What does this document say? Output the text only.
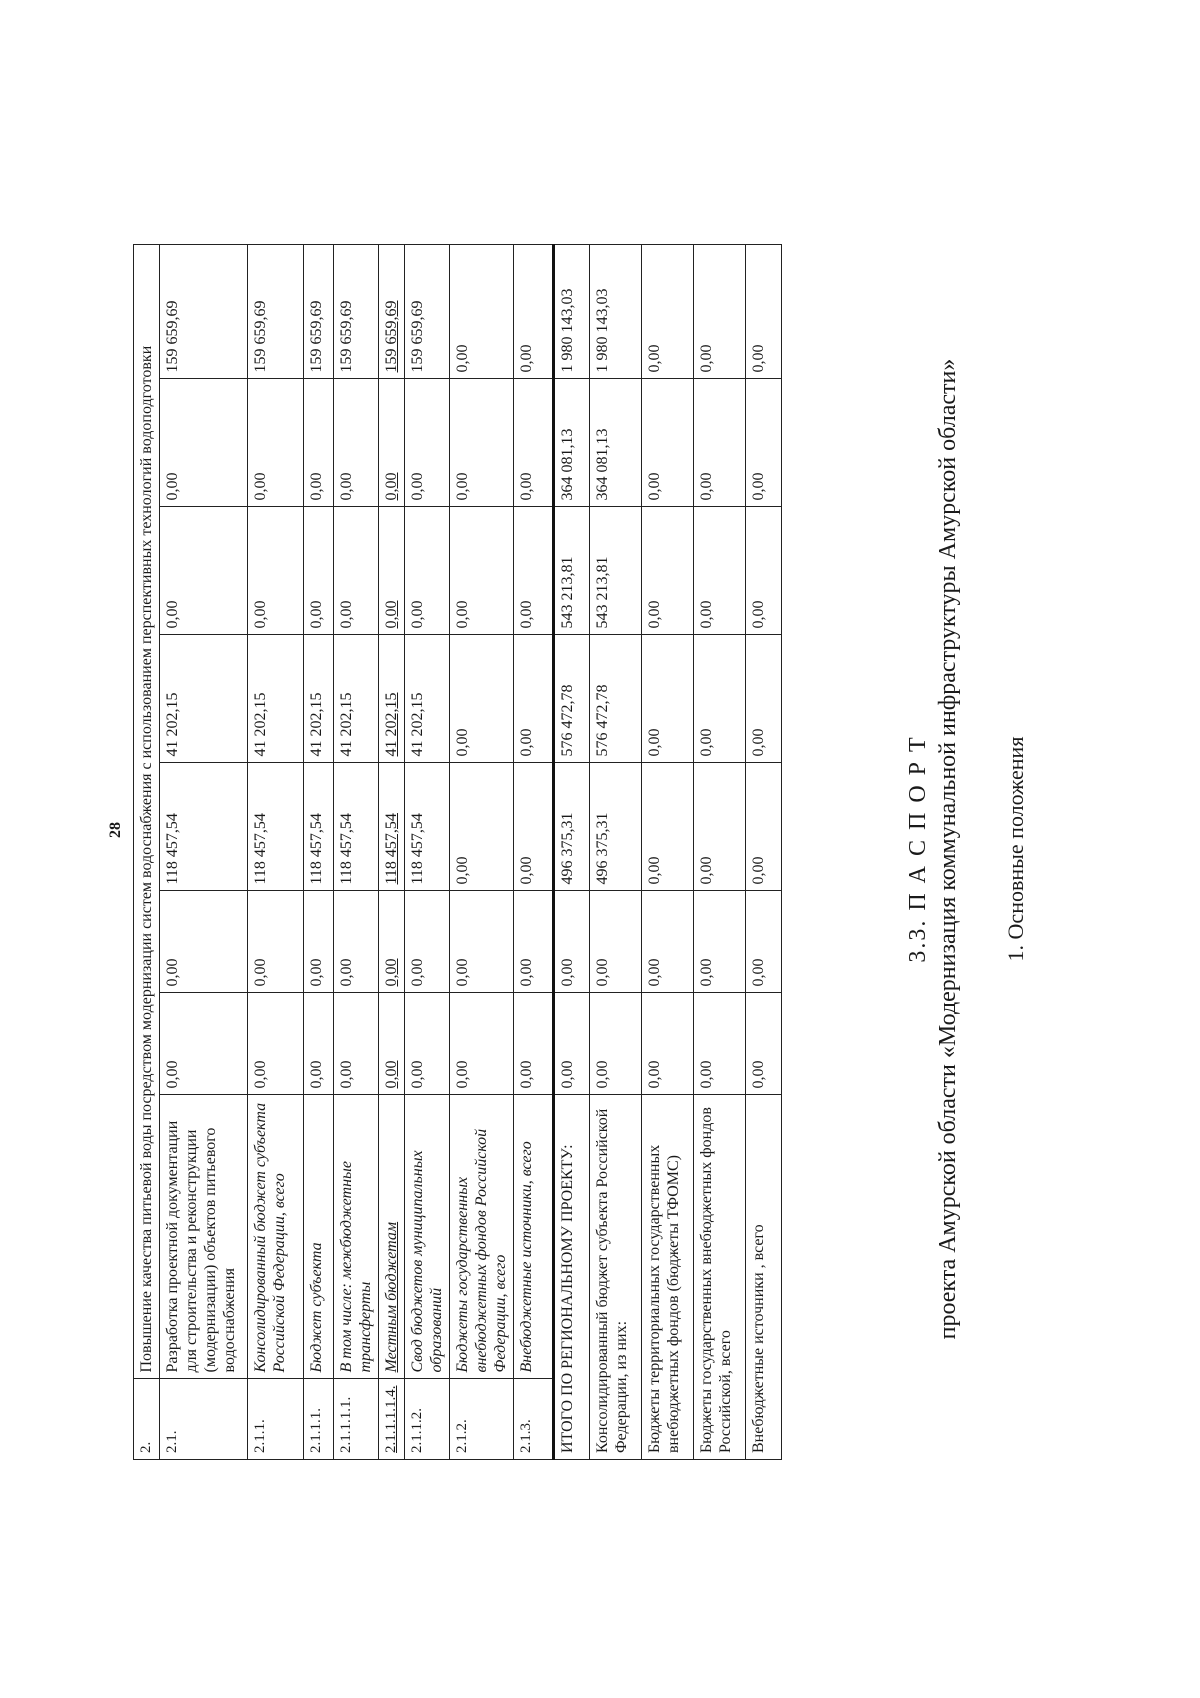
28
2.	Повышение качества питьевой воды посредством модернизации систем водоснабжения с использованием перспективных технологий водоподготовки							
2.1.	Разработка проектной документации для строительства и реконструкции (модернизации) объектов питьевого водоснабжения	0,00	0,00	118 457,54	41 202,15	0,00	0,00	159 659,69
2.1.1.	Консолидированный бюджет субъекта Российской Федерации, всего	0,00	0,00	118 457,54	41 202,15	0,00	0,00	159 659,69
2.1.1.1.	Бюджет субъекта	0,00	0,00	118 457,54	41 202,15	0,00	0,00	159 659,69
2.1.1.1.1.	В том числе: межбюджетные трансферты	0,00	0,00	118 457,54	41 202,15	0,00	0,00	159 659,69
2.1.1.1.1.4.	Местным бюджетам	0,00	0,00	118 457,54	41 202,15	0,00	0,00	159 659,69
2.1.1.2.	Свод бюджетов муниципальных образований	0,00	0,00	118 457,54	41 202,15	0,00	0,00	159 659,69
2.1.2.	Бюджеты государственных внебюджетных фондов Российской Федерации, всего	0,00	0,00	0,00	0,00	0,00	0,00	0,00
2.1.3.	Внебюджетные источники, всего	0,00	0,00	0,00	0,00	0,00	0,00	0,00
ИТОГО ПО РЕГИОНАЛЬНОМУ ПРОЕКТУ:		0,00	0,00	496 375,31	576 472,78	543 213,81	364 081,13	1 980 143,03
Консолидированный бюджет субъекта Российской Федерации, из них:		0,00	0,00	496 375,31	576 472,78	543 213,81	364 081,13	1 980 143,03
Бюджеты территориальных государственных внебюджетных фондов (бюджеты ТФОМС)		0,00	0,00	0,00	0,00	0,00	0,00	0,00
Бюджеты государственных внебюджетных фондов Российской, всего		0,00	0,00	0,00	0,00	0,00	0,00	0,00
Внебюджетные источники , всего		0,00	0,00	0,00	0,00	0,00	0,00	0,00
3.3. П А С П О Р Т проекта Амурской области «Модернизация коммунальной инфраструктуры Амурской области» 1. Основные положения
